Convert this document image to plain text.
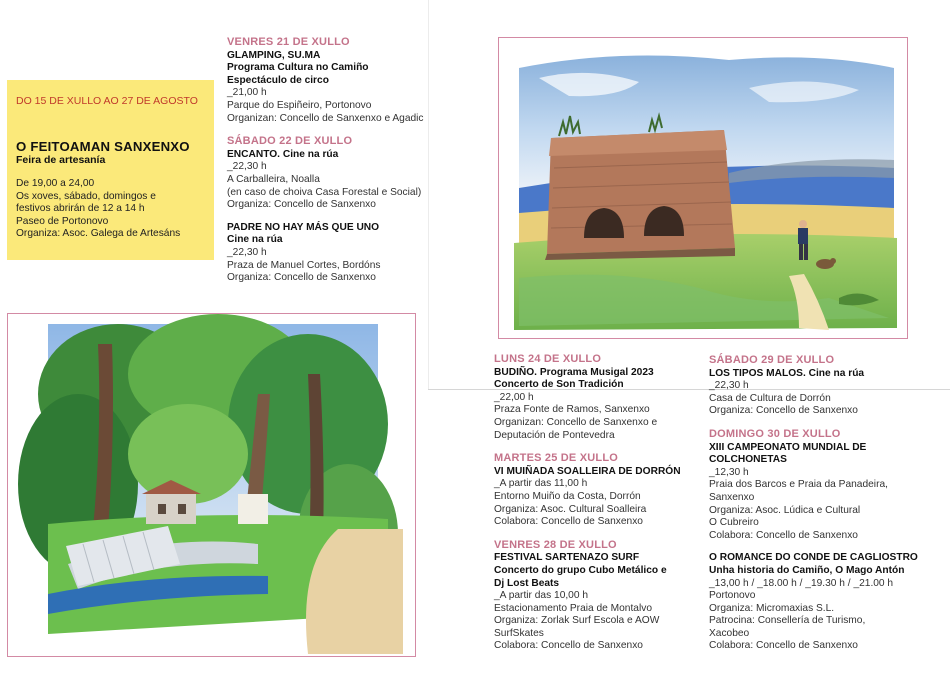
DO 15 DE XULLO AO 27 DE AGOSTO
O FEITOAMAN SANXENXO
Feira de artesanía
De 19,00 a 24,00
Os xoves, sábado, domingos e
festivos abrirán de 12 a 14 h
Paseo de Portonovo
Organiza: Asoc. Galega de Artesáns
VENRES 21 DE XULLO
GLAMPING, SU.MA
Programa Cultura no Camiño
Espectáculo de circo
_21,00 h
Parque do Espiñeiro, Portonovo
Organizan: Concello de Sanxenxo e Agadic
SÁBADO 22 DE XULLO
ENCANTO. Cine na rúa
_22,30 h
A Carballeira, Noalla
(en caso de choiva Casa Forestal e Social)
Organiza: Concello de Sanxenxo
PADRE NO HAY MÁS QUE UNO
Cine na rúa
_22,30 h
Praza de Manuel Cortes, Bordóns
Organiza: Concello de Sanxenxo
LUNS 24 DE XULLO
BUDIÑO. Programa Musigal 2023
Concerto de Son Tradición
_22,00 h
Praza Fonte de Ramos, Sanxenxo
Organizan: Concello de Sanxenxo e
Deputación de Pontevedra
MARTES 25 DE XULLO
VI MUIÑADA SOALLEIRA DE DORRÓN
_A partir das 11,00 h
Entorno Muiño da Costa, Dorrón
Organiza: Asoc. Cultural Soalleira
Colabora: Concello de Sanxenxo
VENRES 28 DE XULLO
FESTIVAL SARTENAZO SURF
Concerto do grupo Cubo Metálico e
Dj Lost Beats
_A partir das 10,00 h
Estacionamento Praia de Montalvo
Organiza: Zorlak Surf Escola e AOW
SurfSkates
Colabora: Concello de Sanxenxo
SÁBADO 29 DE XULLO
LOS TIPOS MALOS. Cine na rúa
_22,30 h
Casa de Cultura de Dorrón
Organiza: Concello de Sanxenxo
DOMINGO 30 DE XULLO
XIII CAMPEONATO MUNDIAL DE
COLCHONETAS
_12,30 h
Praia dos Barcos e Praia da Panadeira,
Sanxenxo
Organiza: Asoc. Lúdica e Cultural
O Cubreiro
Colabora: Concello de Sanxenxo
O ROMANCE DO CONDE DE CAGLIOSTRO
Unha historia do Camiño, O Mago Antón
_13,00 h / _18.00 h / _19.30 h / _21.00 h
Portonovo
Organiza: Micromaxias S.L.
Patrocina: Consellería de Turismo,
Xacobeo
Colabora: Concello de Sanxenxo
